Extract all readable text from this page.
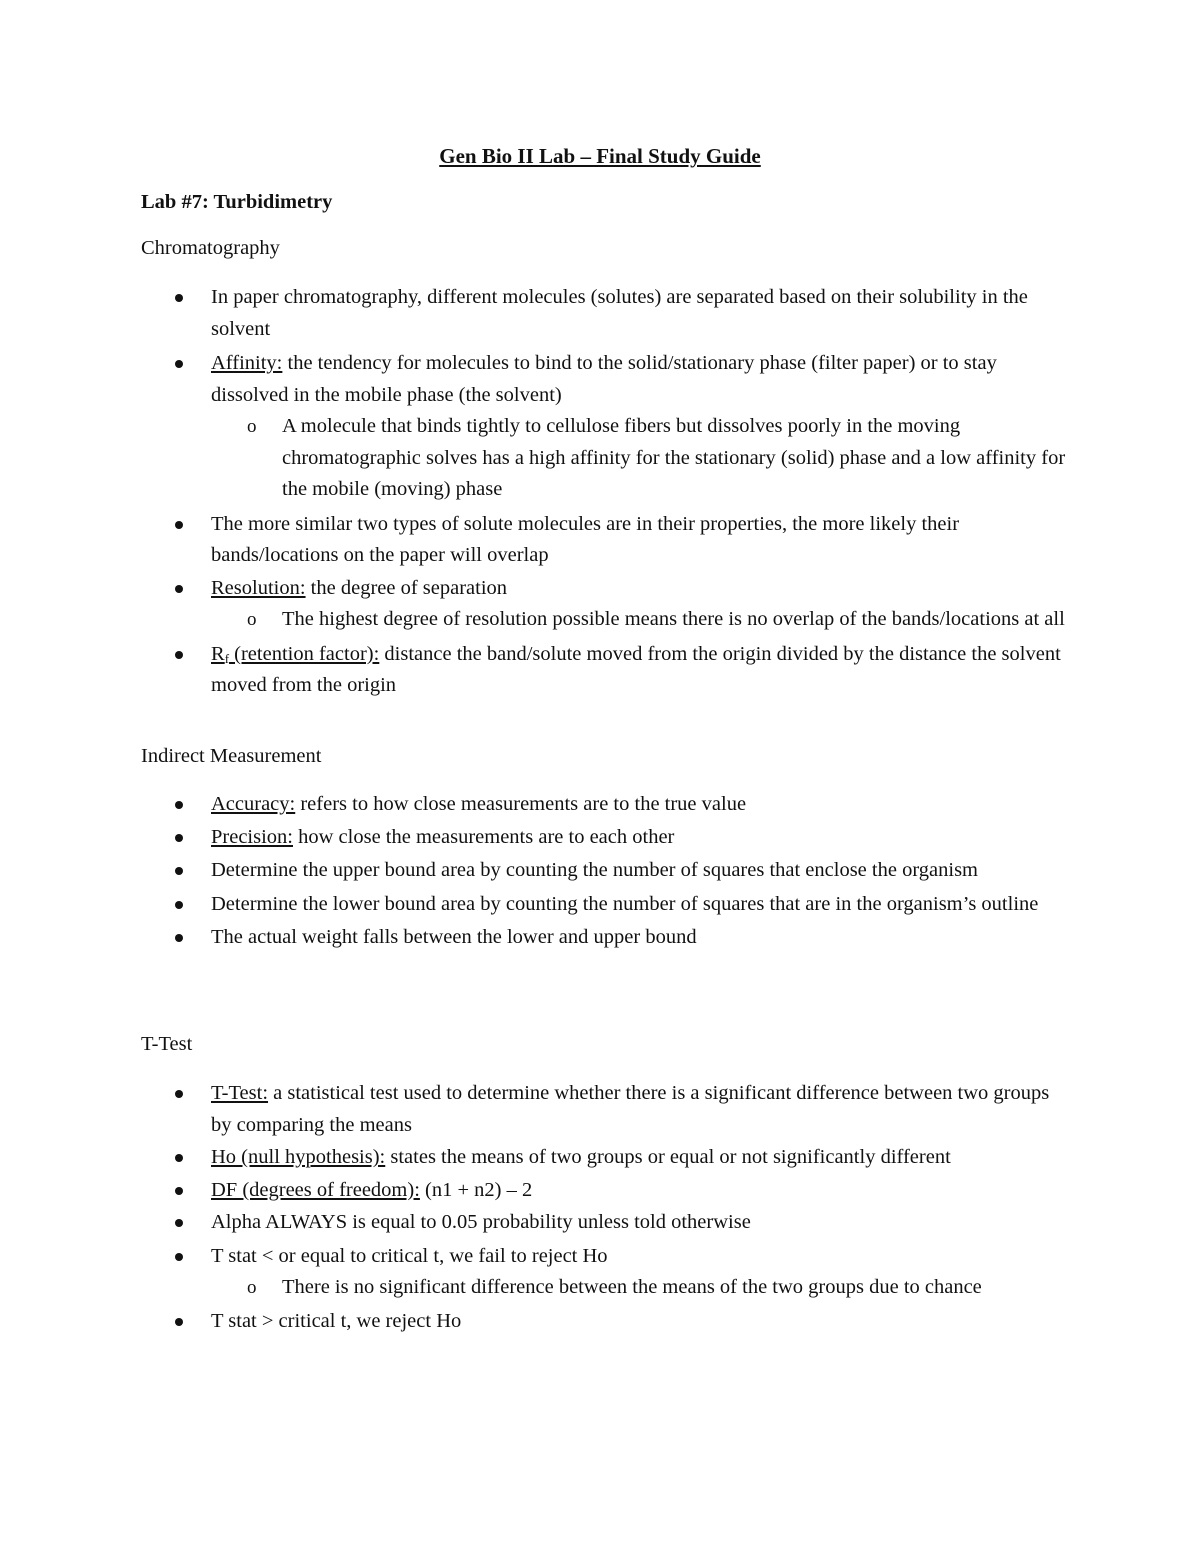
Gen Bio II Lab – Final Study Guide
Lab #7: Turbidimetry
Chromatography
In paper chromatography, different molecules (solutes) are separated based on their solubility in the solvent
Affinity: the tendency for molecules to bind to the solid/stationary phase (filter paper) or to stay dissolved in the mobile phase (the solvent)
o A molecule that binds tightly to cellulose fibers but dissolves poorly in the moving chromatographic solves has a high affinity for the stationary (solid) phase and a low affinity for the mobile (moving) phase
The more similar two types of solute molecules are in their properties, the more likely their bands/locations on the paper will overlap
Resolution: the degree of separation
o The highest degree of resolution possible means there is no overlap of the bands/locations at all
$R_f$ (retention factor): distance the band/solute moved from the origin divided by the distance the solvent moved from the origin
Indirect Measurement
Accuracy: refers to how close measurements are to the true value
Precision: how close the measurements are to each other
Determine the upper bound area by counting the number of squares that enclose the organism
Determine the lower bound area by counting the number of squares that are in the organism’s outline
The actual weight falls between the lower and upper bound
T-Test
T-Test: a statistical test used to determine whether there is a significant difference between two groups by comparing the means
Ho (null hypothesis): states the means of two groups or equal or not significantly different
DF (degrees of freedom): (n1 + n2) – 2
Alpha ALWAYS is equal to 0.05 probability unless told otherwise
T stat < or equal to critical t, we fail to reject Ho
o There is no significant difference between the means of the two groups due to chance
T stat > critical t, we reject Ho
